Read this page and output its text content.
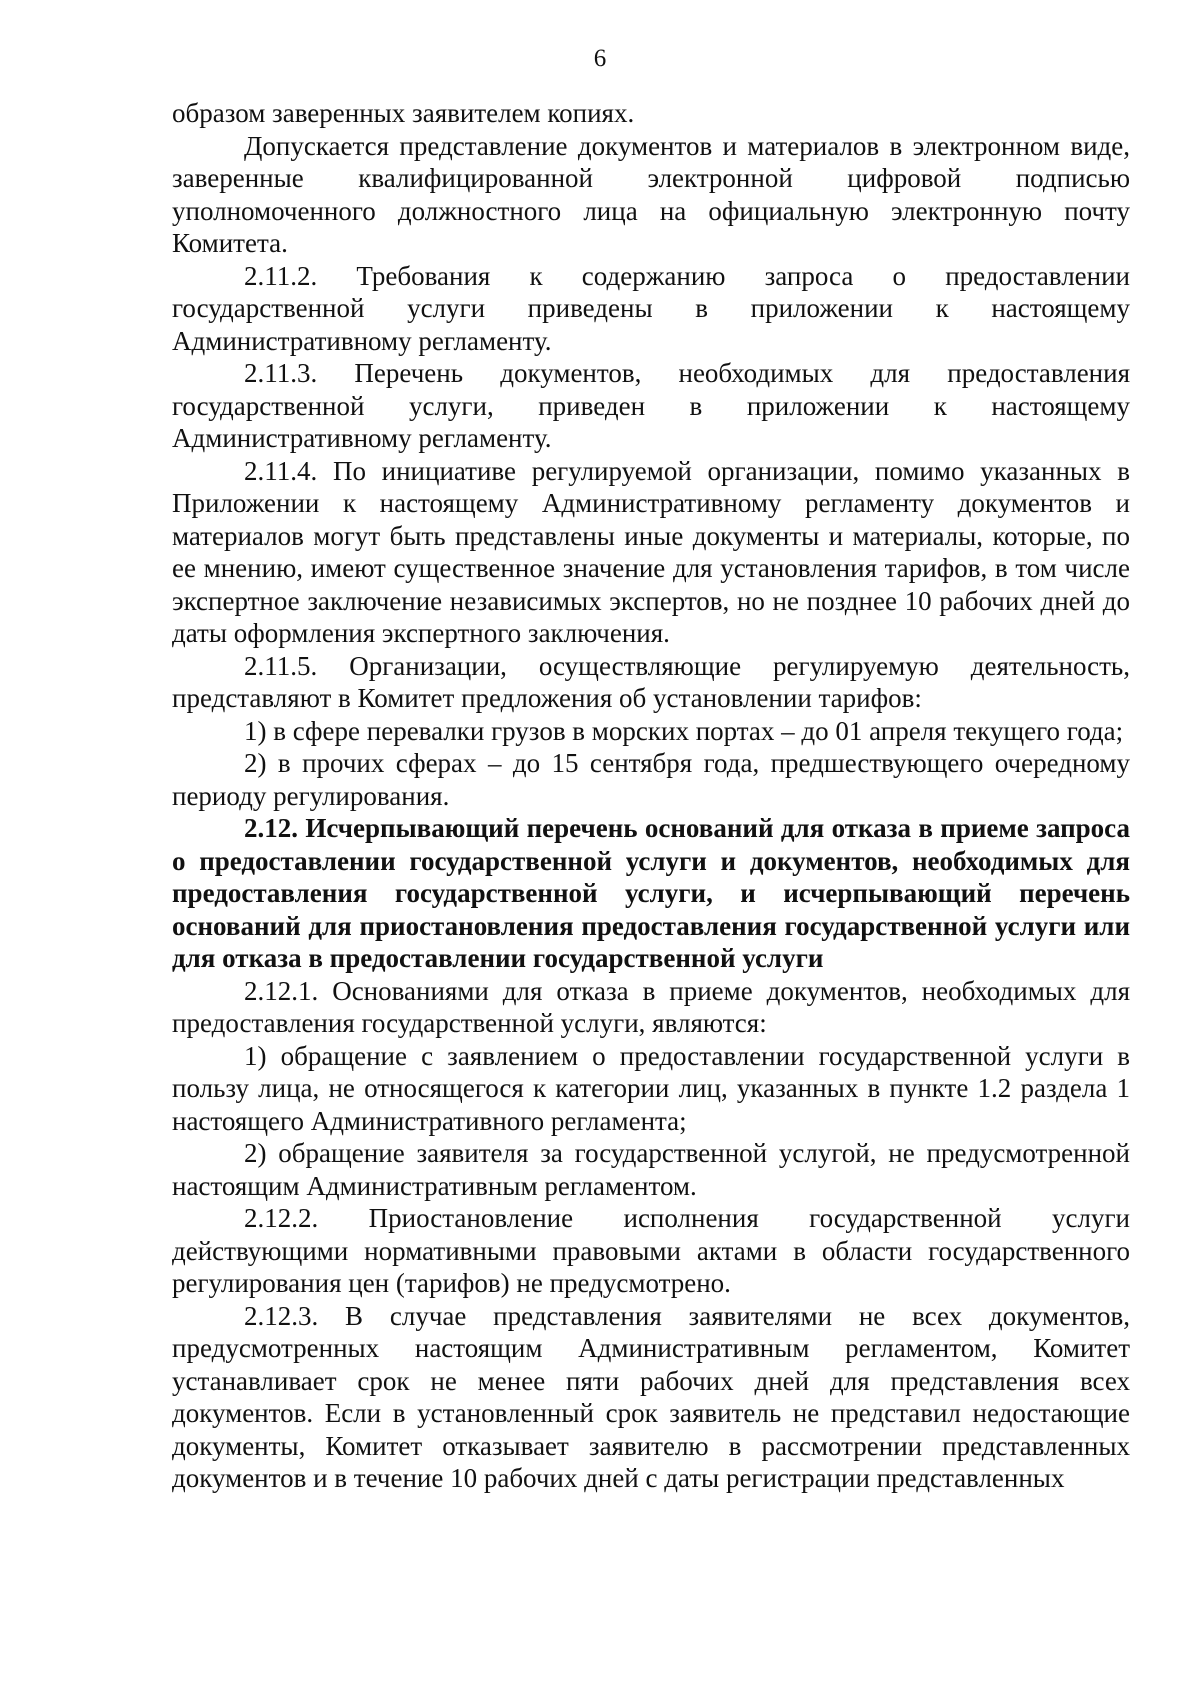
6

образом заверенных заявителем копиях.

Допускается представление документов и материалов в электронном виде, заверенные квалифицированной электронной цифровой подписью уполномоченного должностного лица на официальную электронную почту Комитета.

2.11.2. Требования к содержанию запроса о предоставлении государственной услуги приведены в приложении к настоящему Административному регламенту.

2.11.3. Перечень документов, необходимых для предоставления государственной услуги, приведен в приложении к настоящему Административному регламенту.

2.11.4. По инициативе регулируемой организации, помимо указанных в Приложении к настоящему Административному регламенту документов и материалов могут быть представлены иные документы и материалы, которые, по ее мнению, имеют существенное значение для установления тарифов, в том числе экспертное заключение независимых экспертов, но не позднее 10 рабочих дней до даты оформления экспертного заключения.

2.11.5. Организации, осуществляющие регулируемую деятельность, представляют в Комитет предложения об установлении тарифов:

1) в сфере перевалки грузов в морских портах – до 01 апреля текущего года;

2) в прочих сферах – до 15 сентября года, предшествующего очередному периоду регулирования.

2.12. Исчерпывающий перечень оснований для отказа в приеме запроса о предоставлении государственной услуги и документов, необходимых для предоставления государственной услуги, и исчерпывающий перечень оснований для приостановления предоставления государственной услуги или для отказа в предоставлении государственной услуги

2.12.1. Основаниями для отказа в приеме документов, необходимых для предоставления государственной услуги, являются:

1) обращение с заявлением о предоставлении государственной услуги в пользу лица, не относящегося к категории лиц, указанных в пункте 1.2 раздела 1 настоящего Административного регламента;

2) обращение заявителя за государственной услугой, не предусмотренной настоящим Административным регламентом.

2.12.2. Приостановление исполнения государственной услуги действующими нормативными правовыми актами в области государственного регулирования цен (тарифов) не предусмотрено.

2.12.3. В случае представления заявителями не всех документов, предусмотренных настоящим Административным регламентом, Комитет устанавливает срок не менее пяти рабочих дней для представления всех документов. Если в установленный срок заявитель не представил недостающие документы, Комитет отказывает заявителю в рассмотрении представленных документов и в течение 10 рабочих дней с даты регистрации представленных
